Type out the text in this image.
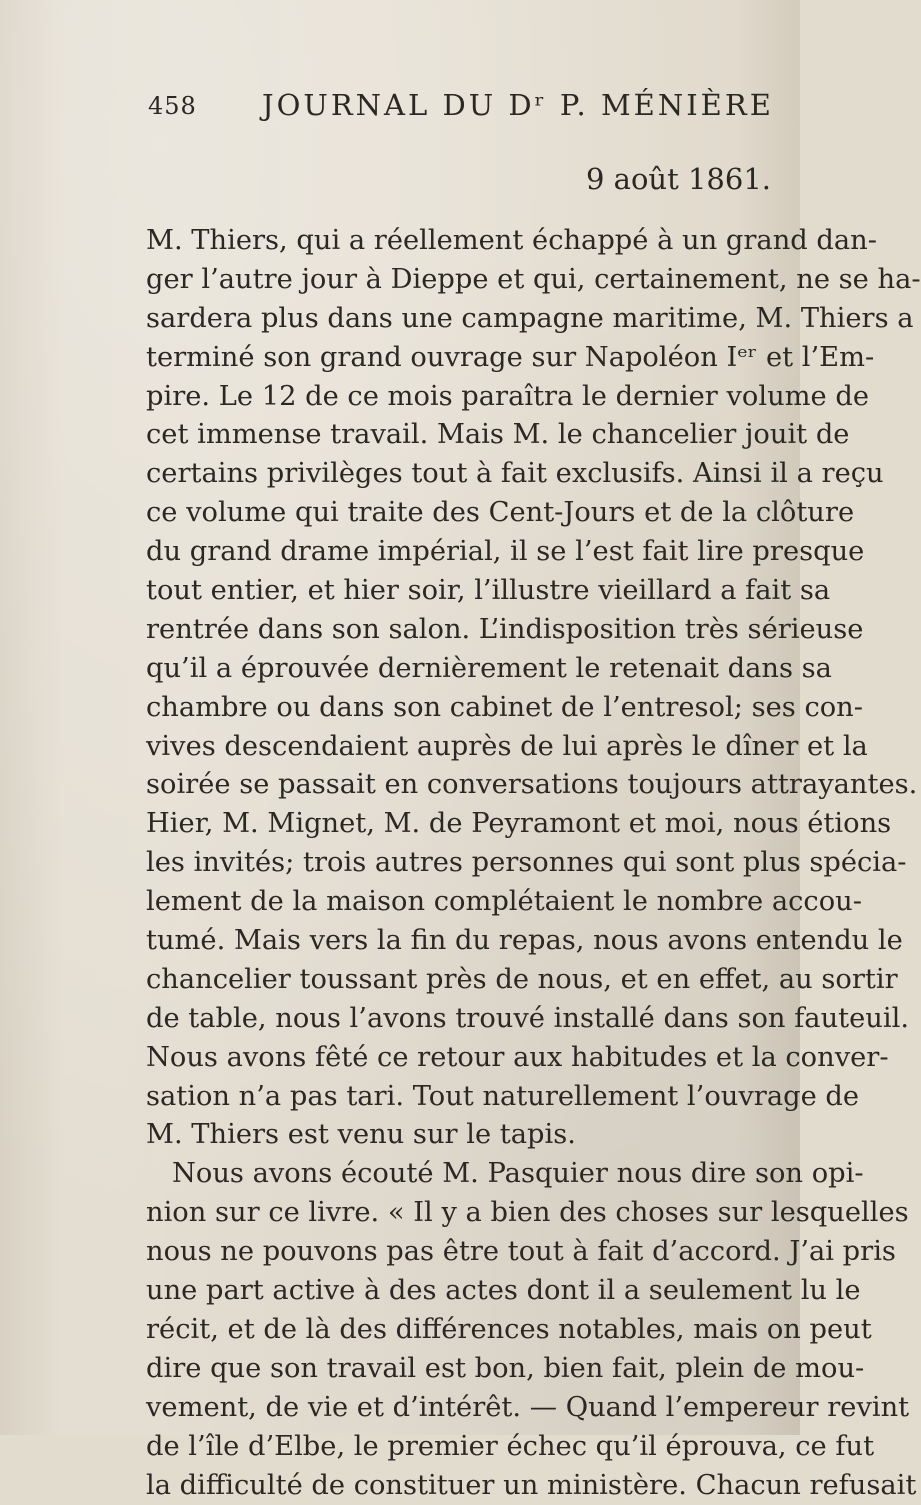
458 JOURNAL DU Dʳ P. MÉNIÈRE
9 août 1861.
M. Thiers, qui a réellement échappé à un grand dan-
ger l’autre jour à Dieppe et qui, certainement, ne se ha-
sardera plus dans une campagne maritime, M. Thiers a
terminé son grand ouvrage sur Napoléon Iᵉʳ et l’Em-
pire. Le 12 de ce mois paraîtra le dernier volume de
cet immense travail. Mais M. le chancelier jouit de
certains privilèges tout à fait exclusifs. Ainsi il a reçu
ce volume qui traite des Cent-Jours et de la clôture
du grand drame impérial, il se l’est fait lire presque
tout entier, et hier soir, l’illustre vieillard a fait sa
rentrée dans son salon. L’indisposition très sérieuse
qu’il a éprouvée dernièrement le retenait dans sa
chambre ou dans son cabinet de l’entresol; ses con-
vives descendaient auprès de lui après le dîner et la
soirée se passait en conversations toujours attrayantes.
Hier, M. Mignet, M. de Peyramont et moi, nous étions
les invités; trois autres personnes qui sont plus spécia-
lement de la maison complétaient le nombre accou-
tumé. Mais vers la fin du repas, nous avons entendu le
chancelier toussant près de nous, et en effet, au sortir
de table, nous l’avons trouvé installé dans son fauteuil.
Nous avons fêté ce retour aux habitudes et la conver-
sation n’a pas tari. Tout naturellement l’ouvrage de
M. Thiers est venu sur le tapis.
Nous avons écouté M. Pasquier nous dire son opi-
nion sur ce livre. « Il y a bien des choses sur lesquelles
nous ne pouvons pas être tout à fait d’accord. J’ai pris
une part active à des actes dont il a seulement lu le
récit, et de là des différences notables, mais on peut
dire que son travail est bon, bien fait, plein de mou-
vement, de vie et d’intérêt. — Quand l’empereur revint
de l’île d’Elbe, le premier échec qu’il éprouva, ce fut
la difficulté de constituer un ministère. Chacun refusait
